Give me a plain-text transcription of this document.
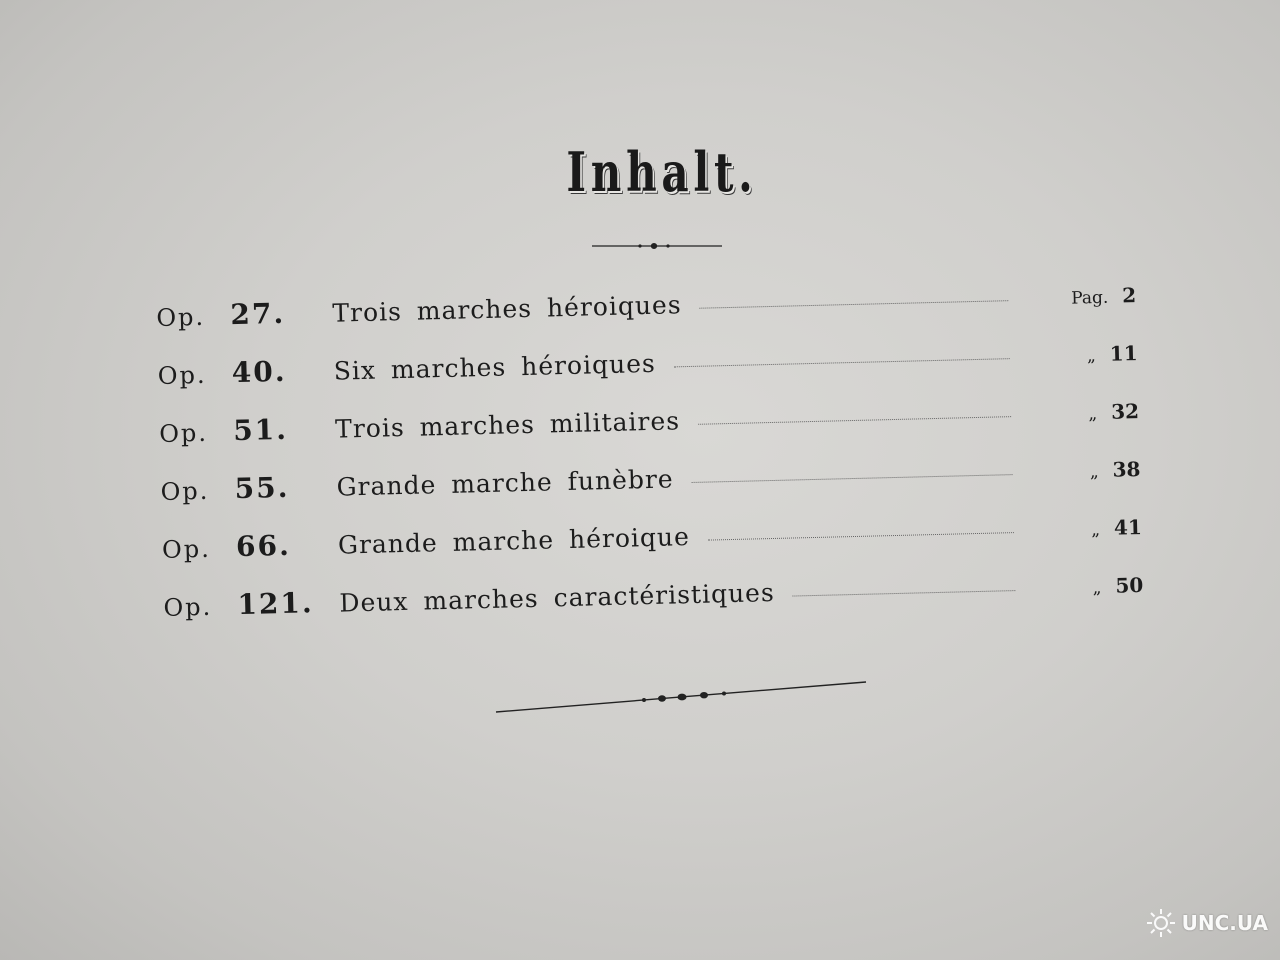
Inhalt.
Op. 27.	Trois marches héroiques	Pag. 2
Op. 40.	Six marches héroiques	„ 11
Op. 51.	Trois marches militaires	„ 32
Op. 55.	Grande marche funèbre	„ 38
Op. 66.	Grande marche héroique	„ 41
Op. 121.	Deux marches caractéristiques	„ 50
UNC.UA
